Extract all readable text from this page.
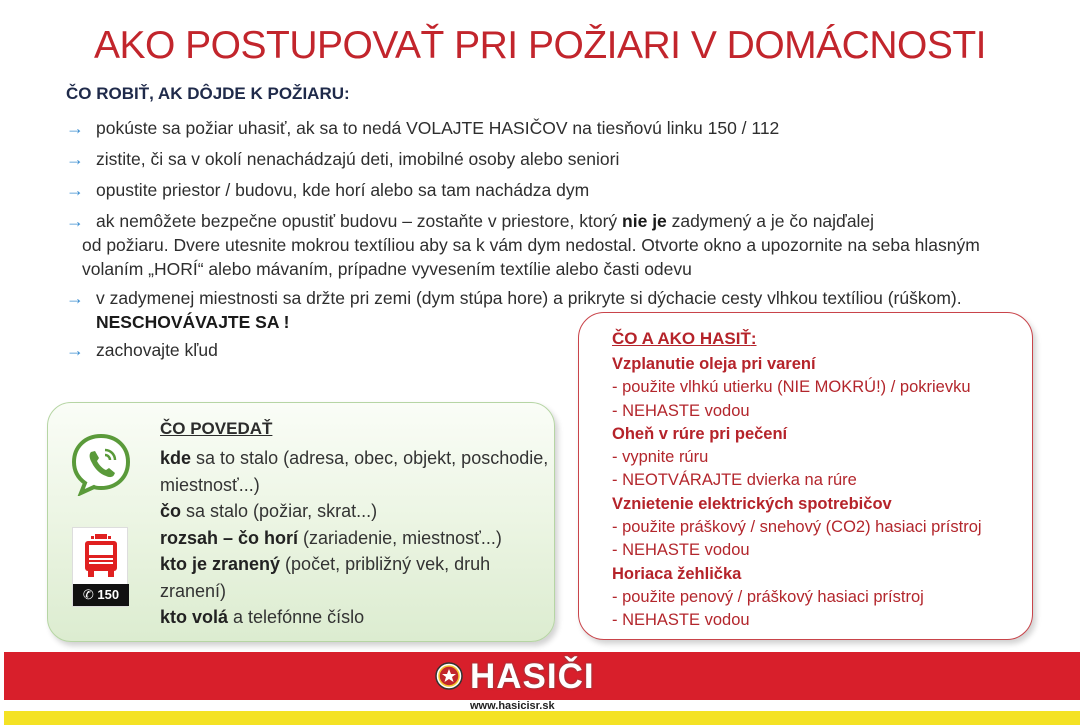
AKO POSTUPOVAŤ PRI POŽIARI V DOMÁCNOSTI
ČO ROBIŤ, AK DÔJDE K POŽIARU:
→ pokúste sa požiar uhasiť, ak sa to nedá VOLAJTE HASIČOV na tiesňovú linku 150 / 112
→ zistite, či sa v okolí nenachádzajú deti, imobilné osoby alebo seniori
→ opustite priestor / budovu, kde horí alebo sa tam nachádza dym
→ ak nemôžete bezpečne opustiť budovu – zostaňte v priestore, ktorý nie je zadymený a je čo najďalej
od požiaru. Dvere utesnite mokrou textíliou aby sa k vám dym nedostal. Otvorte okno a upozornite na seba hlasným volaním „HORÍ“ alebo mávaním, prípadne vyvesením textílie alebo časti odevu
→ v zadymenej miestnosti sa držte pri zemi (dym stúpa hore) a prikryte si dýchacie cesty vlhkou textíliou (rúškom). NESCHOVÁVAJTE SA !
→ zachovajte kľud
✆ 150
ČO POVEDAŤ
kde sa to stalo (adresa, obec, objekt, poschodie, miestnosť...)
čo sa stalo (požiar, skrat...)
rozsah – čo horí (zariadenie, miestnosť...)
kto je zranený (počet, približný vek, druh zranení)
kto volá a telefónne číslo
ČO A AKO HASIŤ:
Vzplanutie oleja pri varení
- použite vlhkú utierku (NIE MOKRÚ!) / pokrievku
- NEHASTE vodou
Oheň v rúre pri pečení
- vypnite rúru
- NEOTVÁRAJTE dvierka na rúre
Vznietenie elektrických spotrebičov
- použite práškový / snehový (CO2) hasiaci prístroj
- NEHASTE vodou
Horiaca žehlička
- použite penový / práškový hasiaci prístroj
- NEHASTE vodou
HASIČI
www.hasicisr.sk
